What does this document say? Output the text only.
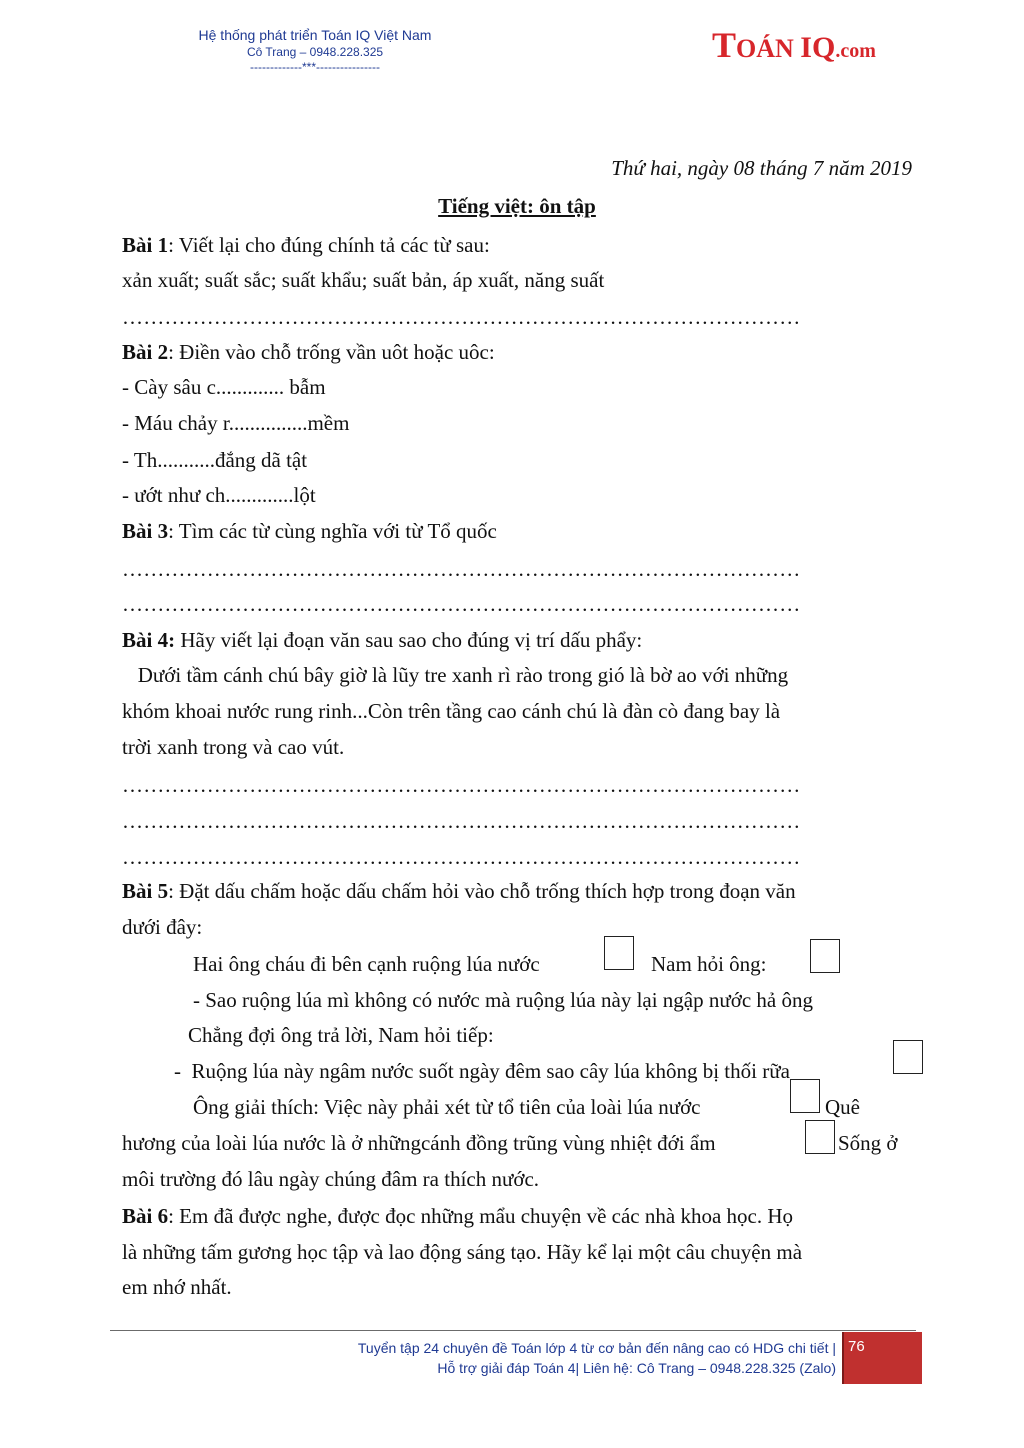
Hệ thống phát triển Toán IQ Việt Nam
Cô Trang – 0948.228.325
-------------***----------------
TOÁN IQ.com
Thứ hai, ngày 08 tháng 7 năm 2019
Tiếng việt: ôn tập
Bài 1: Viết lại cho đúng chính tả các từ sau:
xản xuất; suất sắc; suất khẩu; suất bản, áp xuất, năng suất
……………………………………………………………………………………
Bài 2: Điền vào chỗ trống vần uôt hoặc uôc:
- Cày sâu c............. bẫm
- Máu chảy r...............mềm
- Th...........đắng dã tật
- ướt như ch.............lột
Bài 3: Tìm các từ cùng nghĩa với từ Tổ quốc
……………………………………………………………………………………
……………………………………………………………………………………
Bài 4: Hãy viết lại đoạn văn sau sao cho đúng vị trí dấu phẩy:
Dưới tầm cánh chú bây giờ là lũy tre xanh rì rào trong gió là bờ ao với những
khóm khoai nước rung rinh...Còn trên tầng cao cánh chú là đàn cò đang bay là
trời xanh trong và cao vút.
……………………………………………………………………………………
……………………………………………………………………………………
……………………………………………………………………………………
Bài 5: Đặt dấu chấm hoặc dấu chấm hỏi vào chỗ trống thích hợp trong đoạn văn
dưới đây:
Hai ông cháu đi bên cạnh ruộng lúa nước	Nam hỏi ông:
- Sao ruộng lúa mì không có nước mà ruộng lúa này lại ngập nước hả ông
Chẳng đợi ông trả lời, Nam hỏi tiếp:
-  Ruộng lúa này ngâm nước suốt ngày đêm sao cây lúa không bị thối rữa
Ông giải thích: Việc này phải xét từ tổ tiên của loài lúa nước	Quê
hương của loài lúa nước là ở nhữngcánh đồng trũng vùng nhiệt đới ẩm	Sống ở
môi trường đó lâu ngày chúng đâm ra thích nước.
Bài 6: Em đã được nghe, được đọc những mẩu chuyện về các nhà khoa học. Họ
là những tấm gương học tập và lao động sáng tạo. Hãy kể lại một câu chuyện mà
em nhớ nhất.
Tuyển tập 24 chuyên đề Toán lớp 4 từ cơ bản đến nâng cao có HDG chi tiết |
Hỗ trợ giải đáp Toán 4| Liên hệ: Cô Trang – 0948.228.325 (Zalo)
76
